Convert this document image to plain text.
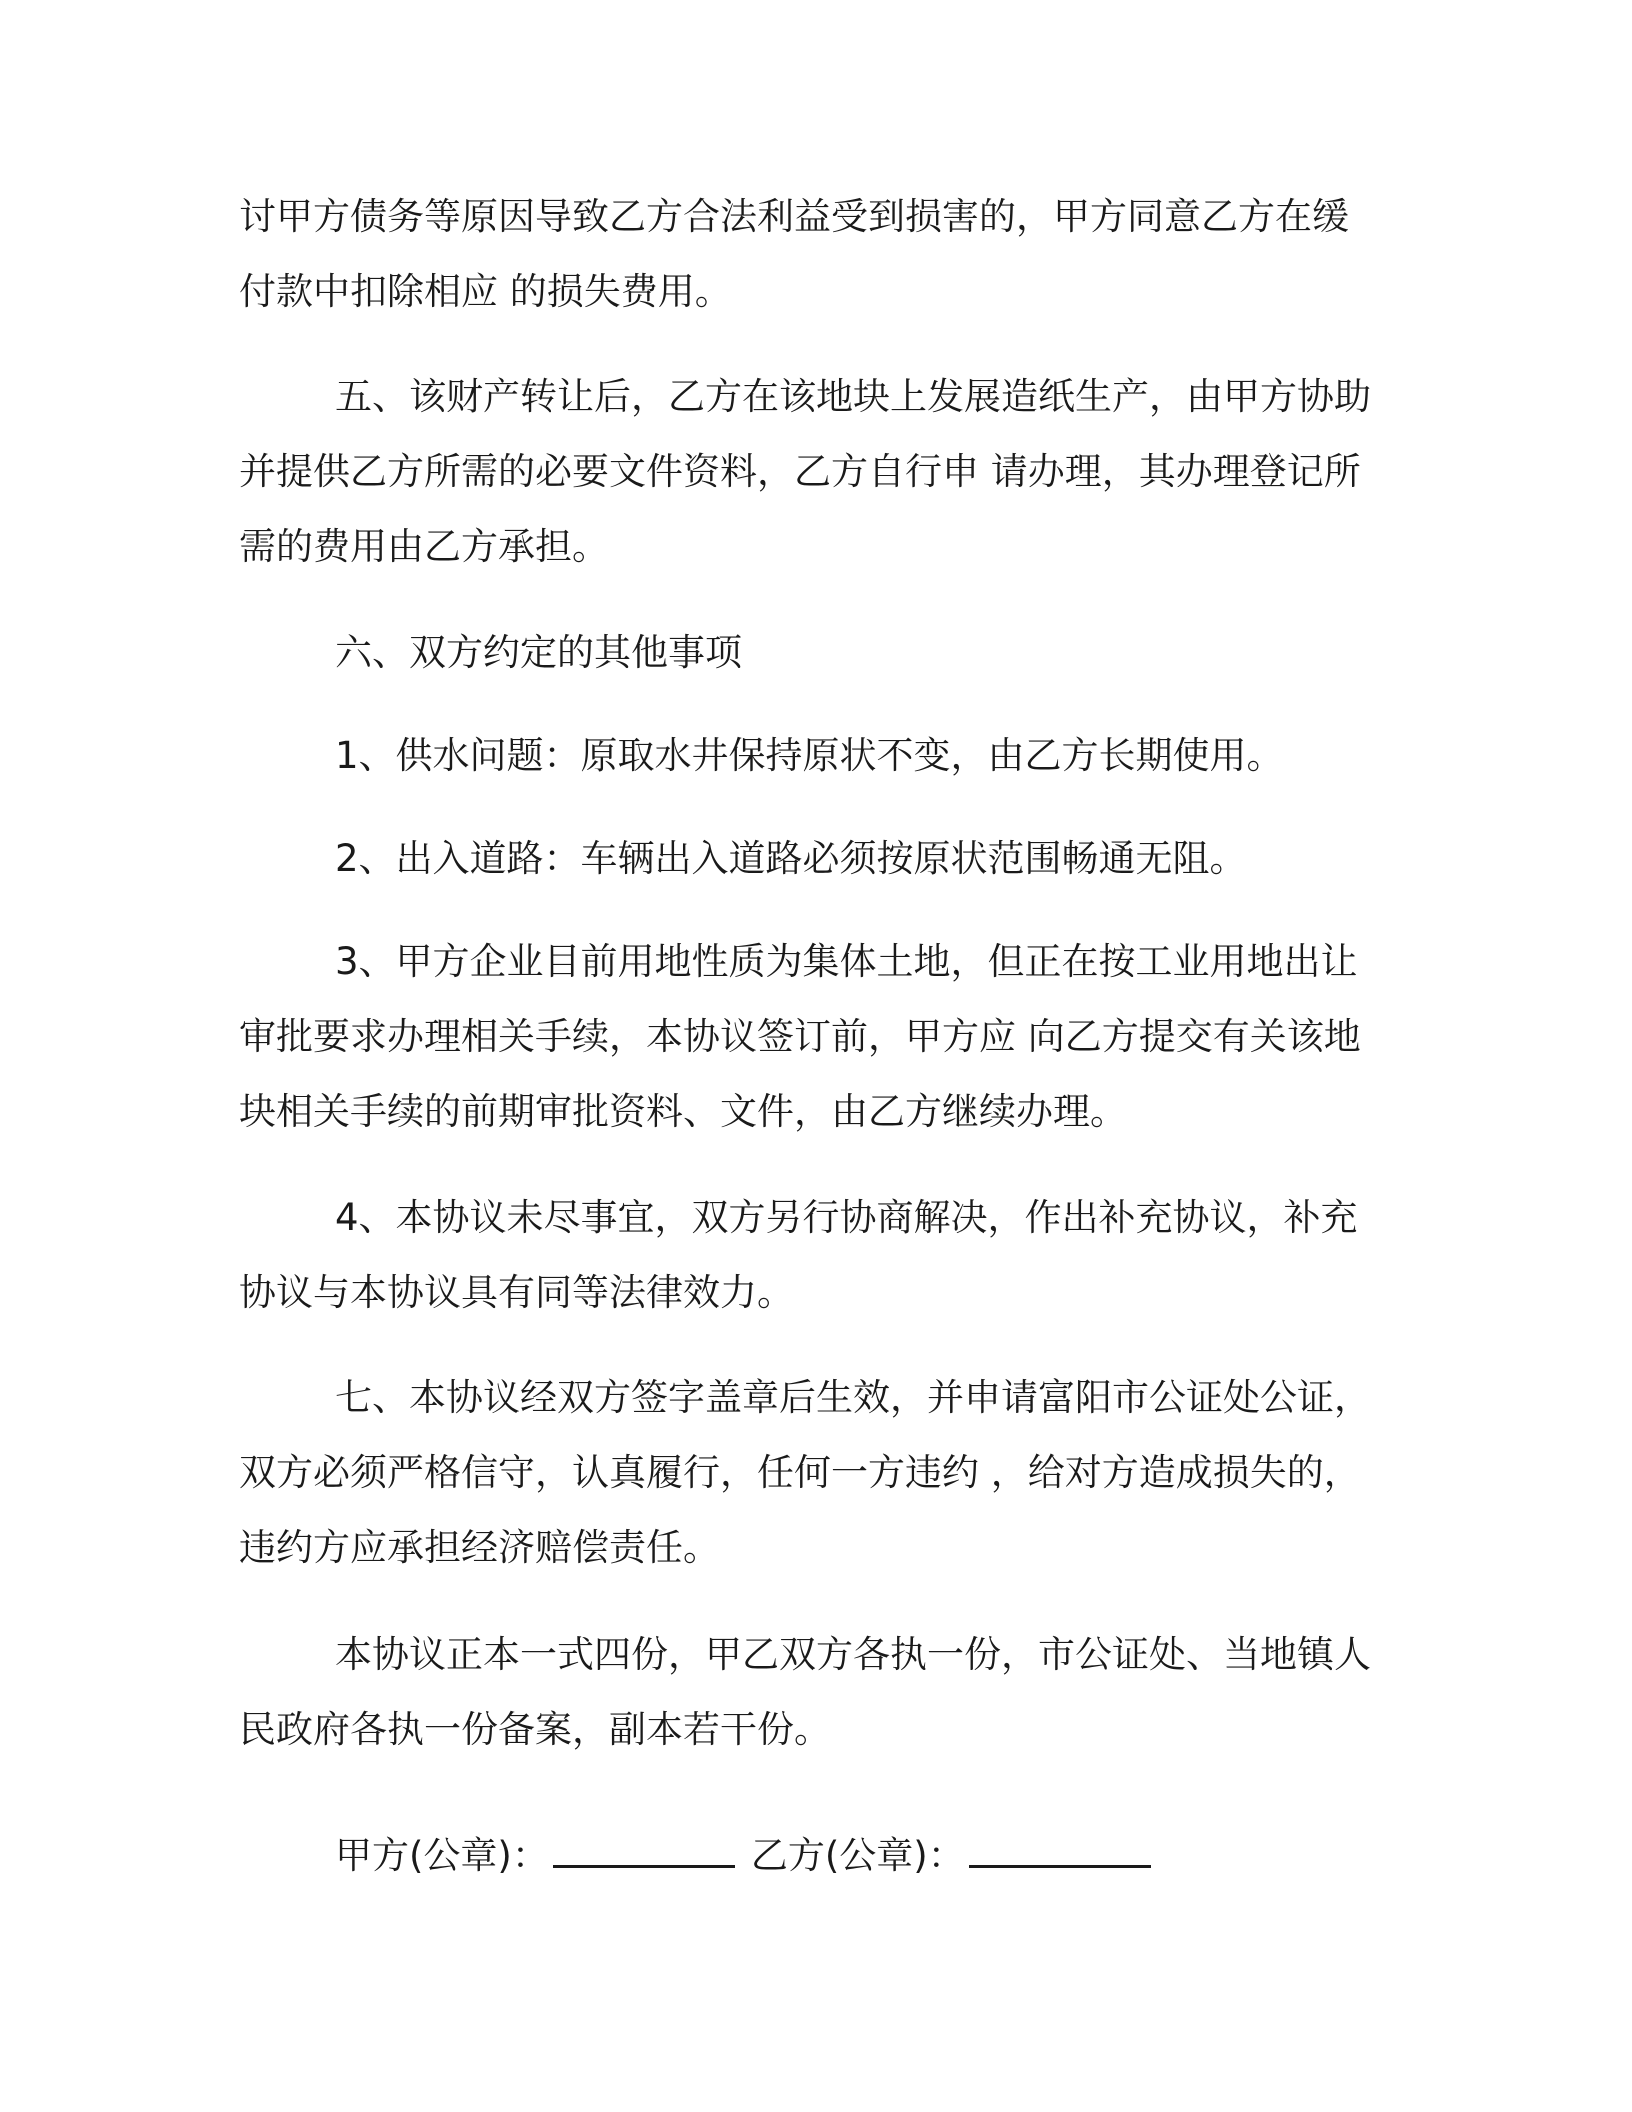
讨甲方债务等原因导致乙方合法利益受到损害的，甲方同意乙方在缓
付款中扣除相应 的损失费用。
五、该财产转让后，乙方在该地块上发展造纸生产，由甲方协助
并提供乙方所需的必要文件资料，乙方自行申 请办理，其办理登记所
需的费用由乙方承担。
六、双方约定的其他事项
1、供水问题：原取水井保持原状不变，由乙方长期使用。
2、出入道路：车辆出入道路必须按原状范围畅通无阻。
3、甲方企业目前用地性质为集体土地，但正在按工业用地出让
审批要求办理相关手续，本协议签订前，甲方应 向乙方提交有关该地
块相关手续的前期审批资料、文件，由乙方继续办理。
4、本协议未尽事宜，双方另行协商解决，作出补充协议，补充
协议与本协议具有同等法律效力。
七、本协议经双方签字盖章后生效，并申请富阳市公证处公证，
双方必须严格信守，认真履行，任何一方违约 ，给对方造成损失的，
违约方应承担经济赔偿责任。
本协议正本一式四份，甲乙双方各执一份，市公证处、当地镇人
民政府各执一份备案，副本若干份。
甲方(公章)：	乙方(公章)：
